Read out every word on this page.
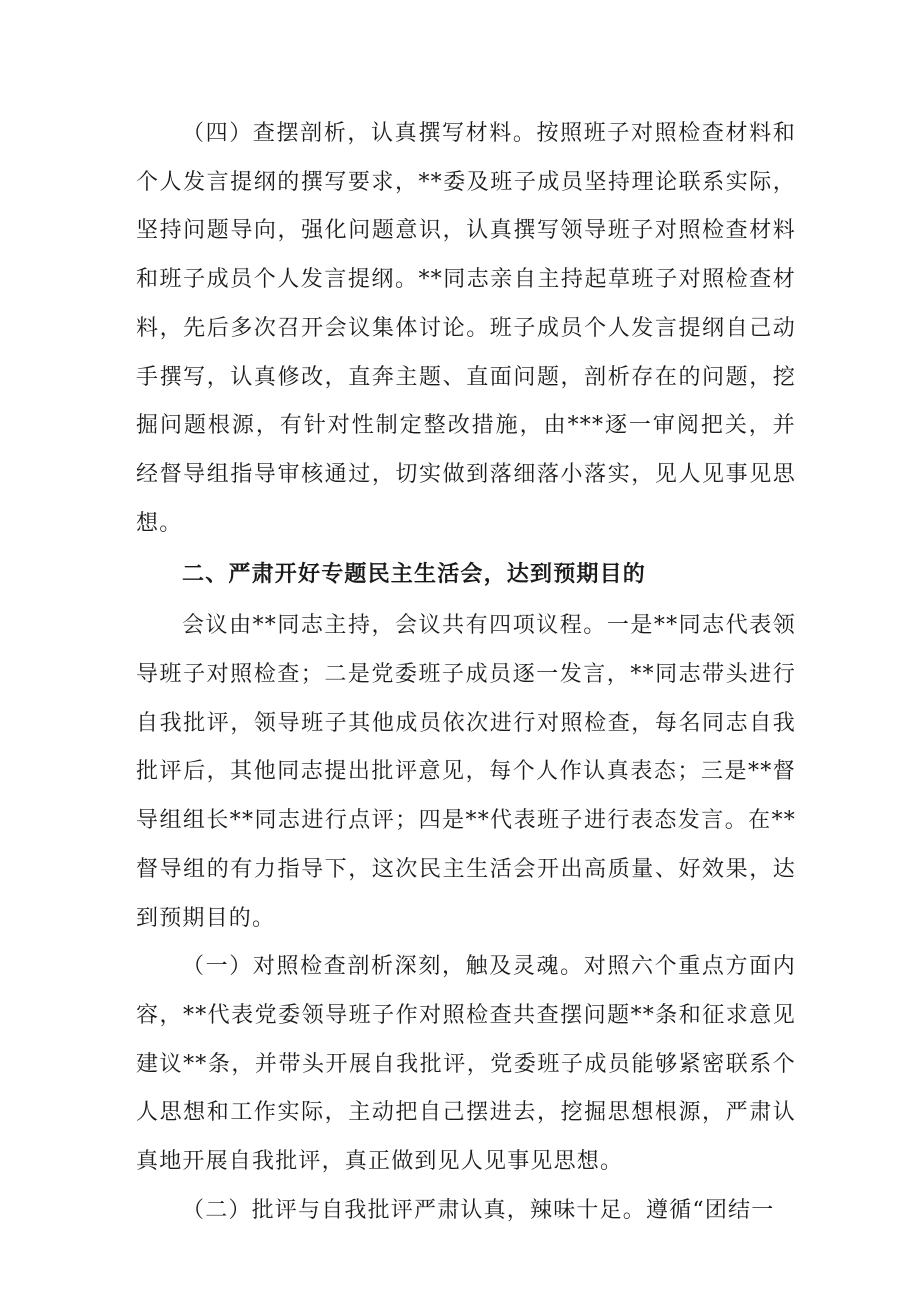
（四）查摆剖析，认真撰写材料。按照班子对照检查材料和个人发言提纲的撰写要求，**委及班子成员坚持理论联系实际，坚持问题导向，强化问题意识，认真撰写领导班子对照检查材料和班子成员个人发言提纲。**同志亲自主持起草班子对照检查材料，先后多次召开会议集体讨论。班子成员个人发言提纲自己动手撰写，认真修改，直奔主题、直面问题，剖析存在的问题，挖掘问题根源，有针对性制定整改措施，由***逐一审阅把关，并经督导组指导审核通过，切实做到落细落小落实，见人见事见思想。

二、严肃开好专题民主生活会，达到预期目的

会议由**同志主持，会议共有四项议程。一是**同志代表领导班子对照检查；二是党委班子成员逐一发言，**同志带头进行自我批评，领导班子其他成员依次进行对照检查，每名同志自我批评后，其他同志提出批评意见，每个人作认真表态；三是**督导组组长**同志进行点评；四是**代表班子进行表态发言。在**督导组的有力指导下，这次民主生活会开出高质量、好效果，达到预期目的。

（一）对照检查剖析深刻，触及灵魂。对照六个重点方面内容，**代表党委领导班子作对照检查共查摆问题**条和征求意见建议**条，并带头开展自我批评，党委班子成员能够紧密联系个人思想和工作实际，主动把自己摆进去，挖掘思想根源，严肃认真地开展自我批评，真正做到见人见事见思想。

（二）批评与自我批评严肃认真，辣味十足。遵循“团结一
